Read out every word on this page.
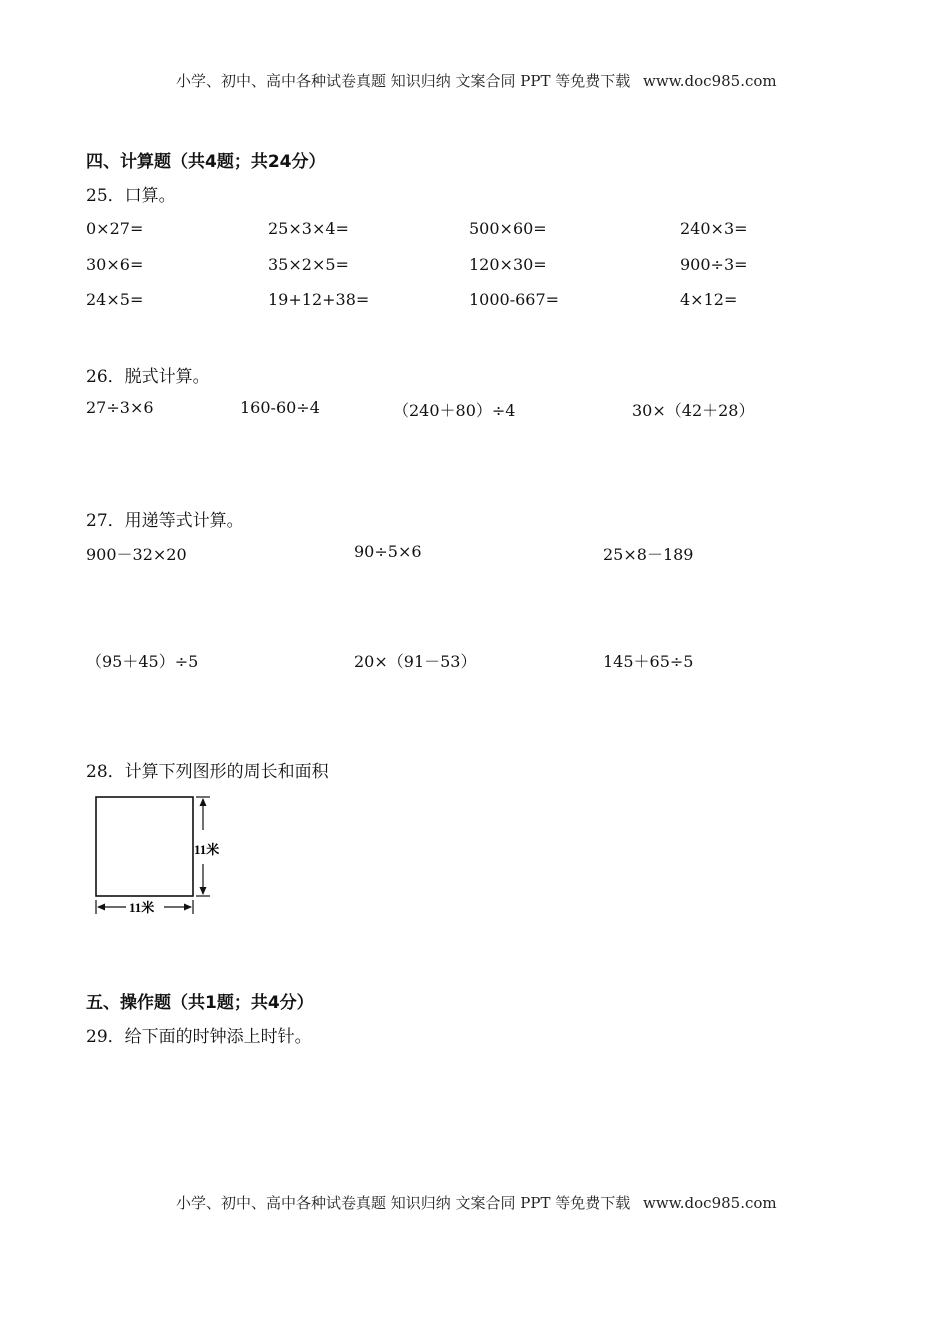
小学、初中、高中各种试卷真题 知识归纳 文案合同 PPT 等免费下载 www.doc985.com
四、计算题（共4题；共24分）
25．口算。
0×27=	25×3×4=	500×60=	240×3=
30×6=	35×2×5=	120×30=	900÷3=
24×5=	19+12+38=	1000-667=	4×12=
26．脱式计算。
27÷3×6	160-60÷4	（240＋80）÷4	30×（42＋28）
27．用递等式计算。
900－32×20	90÷5×6	25×8－189
（95＋45）÷5	20×（91－53）	145＋65÷5
28．计算下列图形的周长和面积
11米
11米
五、操作题（共1题；共4分）
29．给下面的时钟添上时针。
小学、初中、高中各种试卷真题 知识归纳 文案合同 PPT 等免费下载 www.doc985.com
